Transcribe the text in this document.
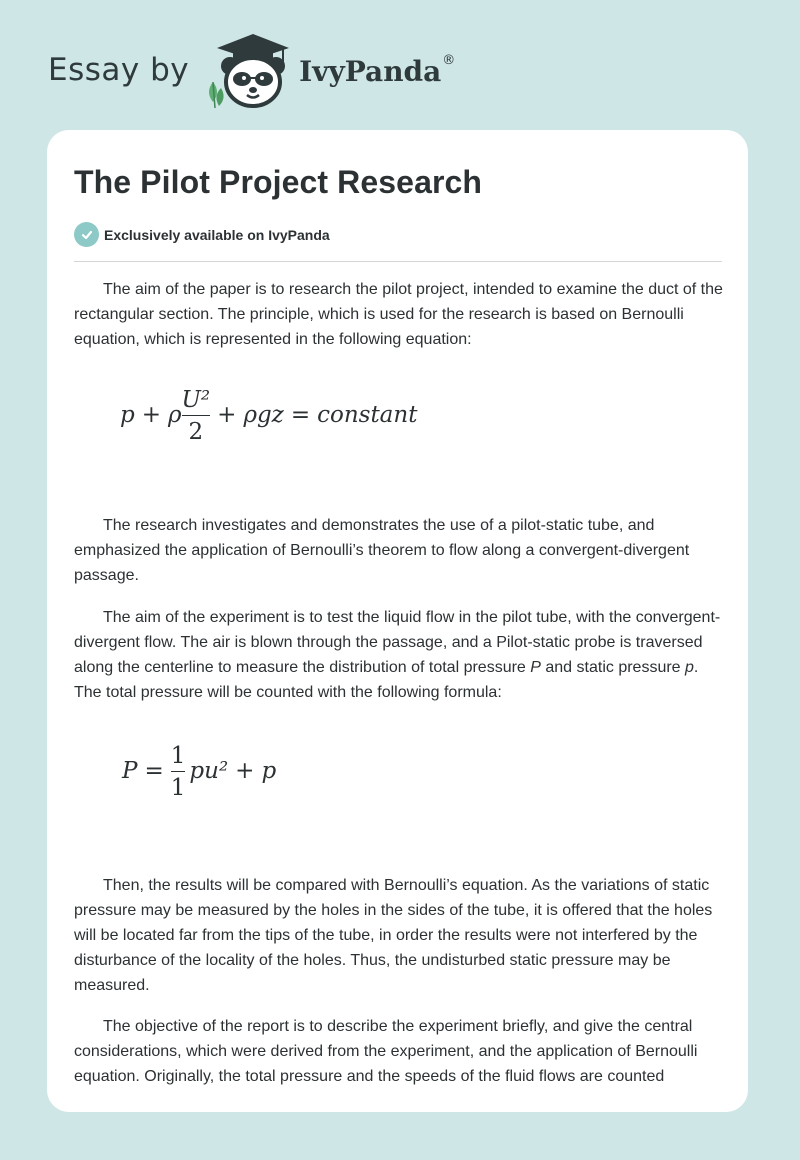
Essay by	IvyPanda ®
The Pilot Project Research
Exclusively available on IvyPanda

The aim of the paper is to research the pilot project, intended to examine the duct of the rectangular section. The principle, which is used for the research is based on Bernoulli equation, which is represented in the following equation:

p + ρ $\frac{\text{U²}}{2} + \rho gz$ = constant

The research investigates and demonstrates the use of a pilot-static tube, and emphasized the application of Bernoulli’s theorem to flow along a convergent-divergent passage.

The aim of the experiment is to test the liquid flow in the pilot tube, with the convergent-divergent flow. The air is blown through the passage, and a Pilot-static probe is traversed along the centerline to measure the distribution of total pressure P and static pressure p. The total pressure will be counted with the following formula:

$P = \frac{1}{1} pu^2 + p$

Then, the results will be compared with Bernoulli’s equation. As the variations of static pressure may be measured by the holes in the sides of the tube, it is offered that the holes will be located far from the tips of the tube, in order the results were not interfered by the disturbance of the locality of the holes. Thus, the undisturbed static pressure may be measured.

The objective of the report is to describe the experiment briefly, and give the central considerations, which were derived from the experiment, and the application of Bernoulli equation. Originally, the total pressure and the speeds of the fluid flows are counted
